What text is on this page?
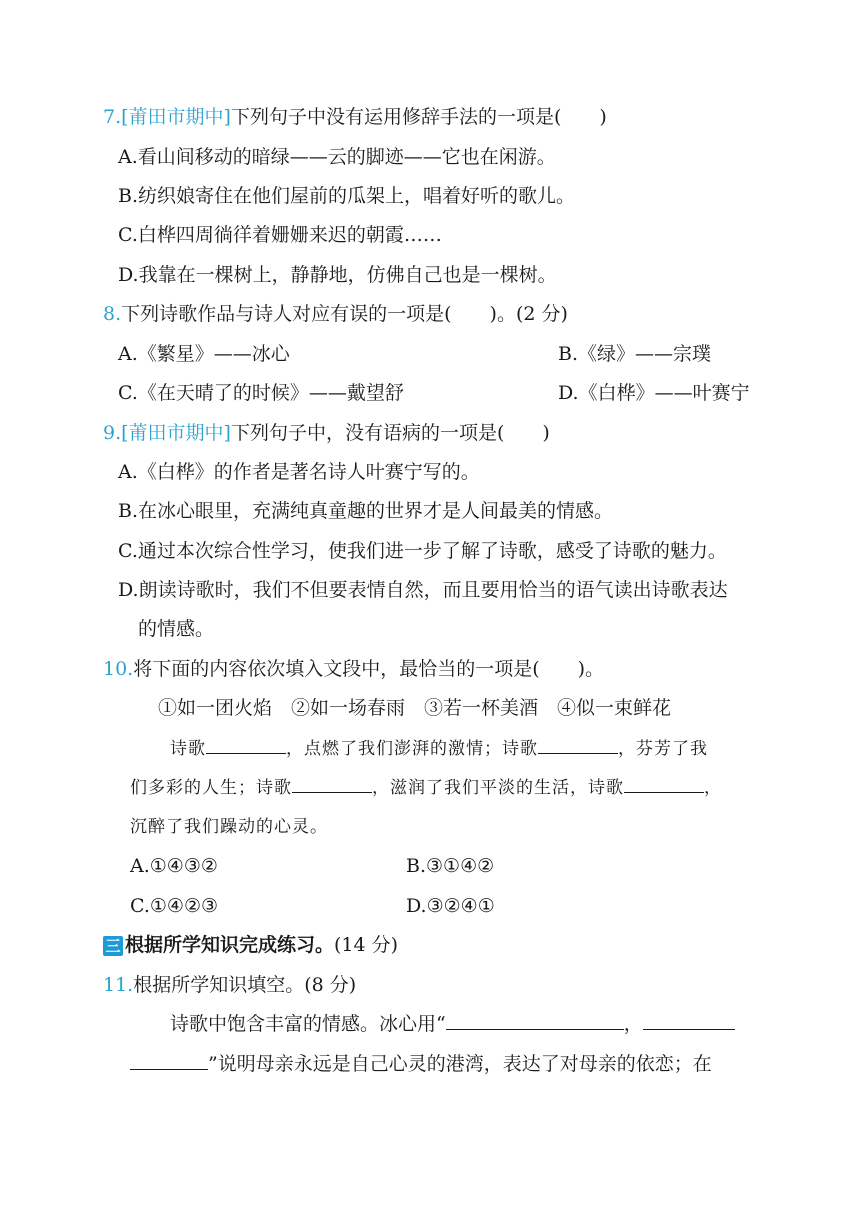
7.[莆田市期中]下列句子中没有运用修辞手法的一项是(　　)
A.看山间移动的暗绿——云的脚迹——它也在闲游。
B.纺织娘寄住在他们屋前的瓜架上，唱着好听的歌儿。
C.白桦四周徜徉着姗姗来迟的朝霞……
D.我靠在一棵树上，静静地，仿佛自己也是一棵树。
8.下列诗歌作品与诗人对应有误的一项是(　　)。(2 分)
A.《繁星》——冰心	B.《绿》——宗璞
C.《在天晴了的时候》——戴望舒	D.《白桦》——叶赛宁
9.[莆田市期中]下列句子中，没有语病的一项是(　　)
A.《白桦》的作者是著名诗人叶赛宁写的。
B.在冰心眼里，充满纯真童趣的世界才是人间最美的情感。
C.通过本次综合性学习，使我们进一步了解了诗歌，感受了诗歌的魅力。
D.朗读诗歌时，我们不但要表情自然，而且要用恰当的语气读出诗歌表达
的情感。
10.将下面的内容依次填入文段中，最恰当的一项是(　　)。
①如一团火焰　②如一场春雨　③若一杯美酒　④似一束鲜花
诗歌	，点燃了我们澎湃的激情；诗歌	，芬芳了我
们多彩的人生；诗歌	，滋润了我们平淡的生活，诗歌	，
沉醉了我们躁动的心灵。
A.①④③②	B.③①④②
C.①④②③	D.③②④①
三 根据所学知识完成练习。(14 分)
11.根据所学知识填空。(8 分)
诗歌中饱含丰富的情感。冰心用“	，
”说明母亲永远是自己心灵的港湾，表达了对母亲的依恋；在
